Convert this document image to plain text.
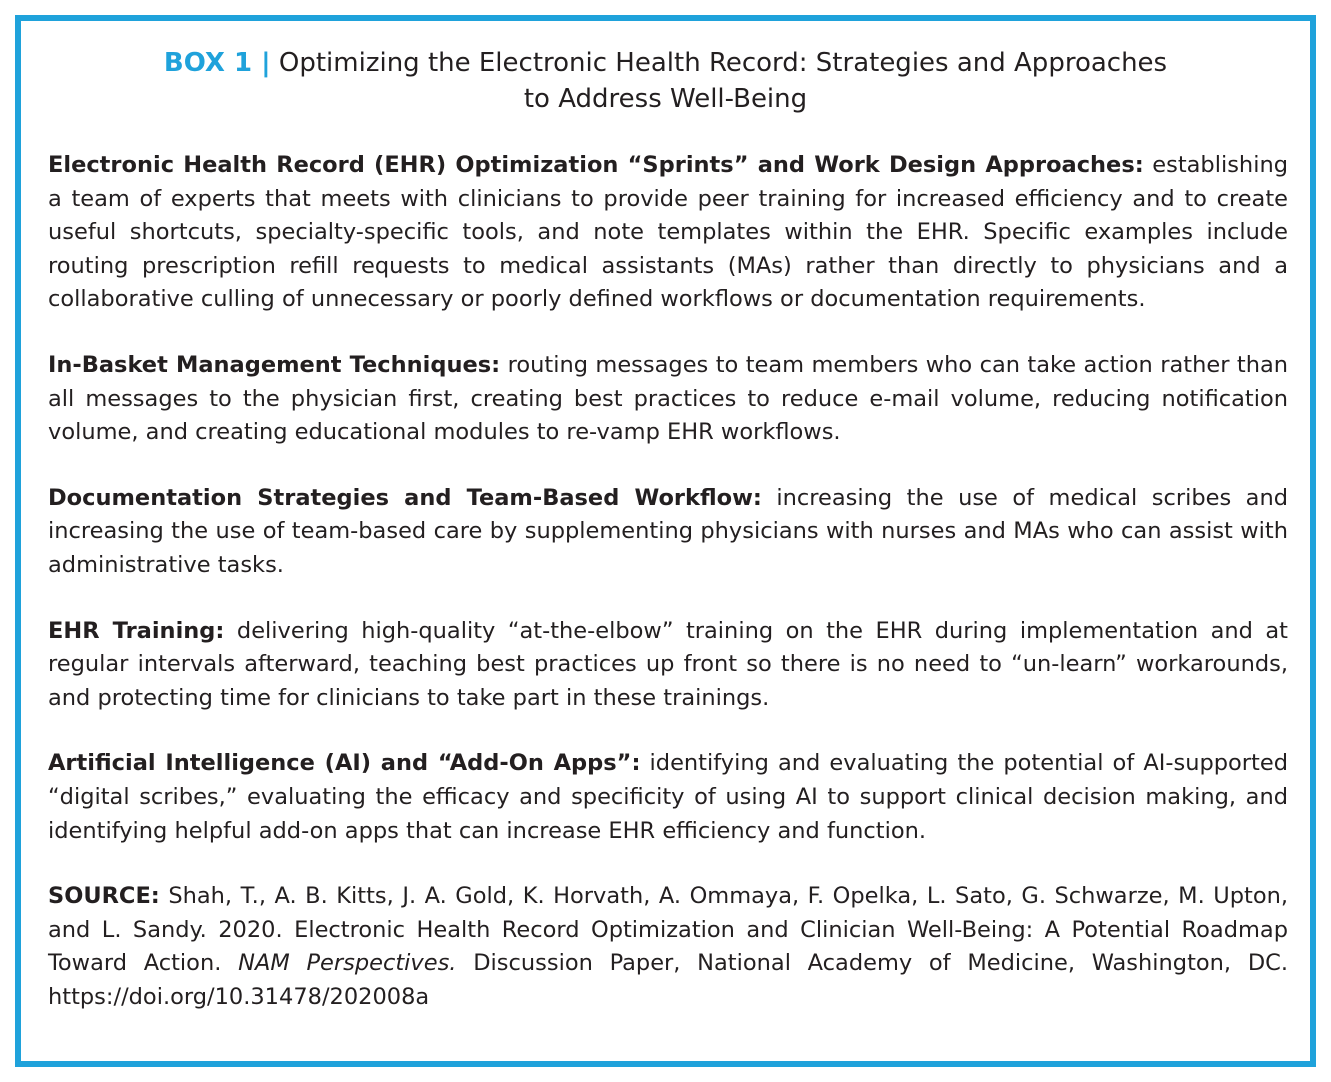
BOX 1 | Optimizing the Electronic Health Record: Strategies and Approaches
to Address Well-Being

Electronic Health Record (EHR) Optimization “Sprints” and Work Design Approaches: establishing a team of experts that meets with clinicians to provide peer training for increased efficiency and to create useful shortcuts, specialty-specific tools, and note templates within the EHR. Specific examples include routing prescription refill requests to medical assistants (MAs) rather than directly to physicians and a collaborative culling of unnecessary or poorly defined workflows or documentation requirements.

In-Basket Management Techniques: routing messages to team members who can take action rather than all messages to the physician first, creating best practices to reduce e-mail volume, reducing notification volume, and creating educational modules to re-vamp EHR workflows.

Documentation Strategies and Team-Based Workflow: increasing the use of medical scribes and increasing the use of team-based care by supplementing physicians with nurses and MAs who can assist with administrative tasks.

EHR Training: delivering high-quality “at-the-elbow” training on the EHR during implementation and at regular intervals afterward, teaching best practices up front so there is no need to “un-learn” workarounds, and protecting time for clinicians to take part in these trainings.

Artificial Intelligence (AI) and “Add-On Apps”: identifying and evaluating the potential of AI-supported “digital scribes,” evaluating the efficacy and specificity of using AI to support clinical decision making, and identifying helpful add-on apps that can increase EHR efficiency and function.

SOURCE: Shah, T., A. B. Kitts, J. A. Gold, K. Horvath, A. Ommaya, F. Opelka, L. Sato, G. Schwarze, M. Upton, and L. Sandy. 2020. Electronic Health Record Optimization and Clinician Well-Being: A Potential Roadmap Toward Action. NAM Perspectives. Discussion Paper, National Academy of Medicine, Washington, DC. https://doi.org/10.31478/202008a
